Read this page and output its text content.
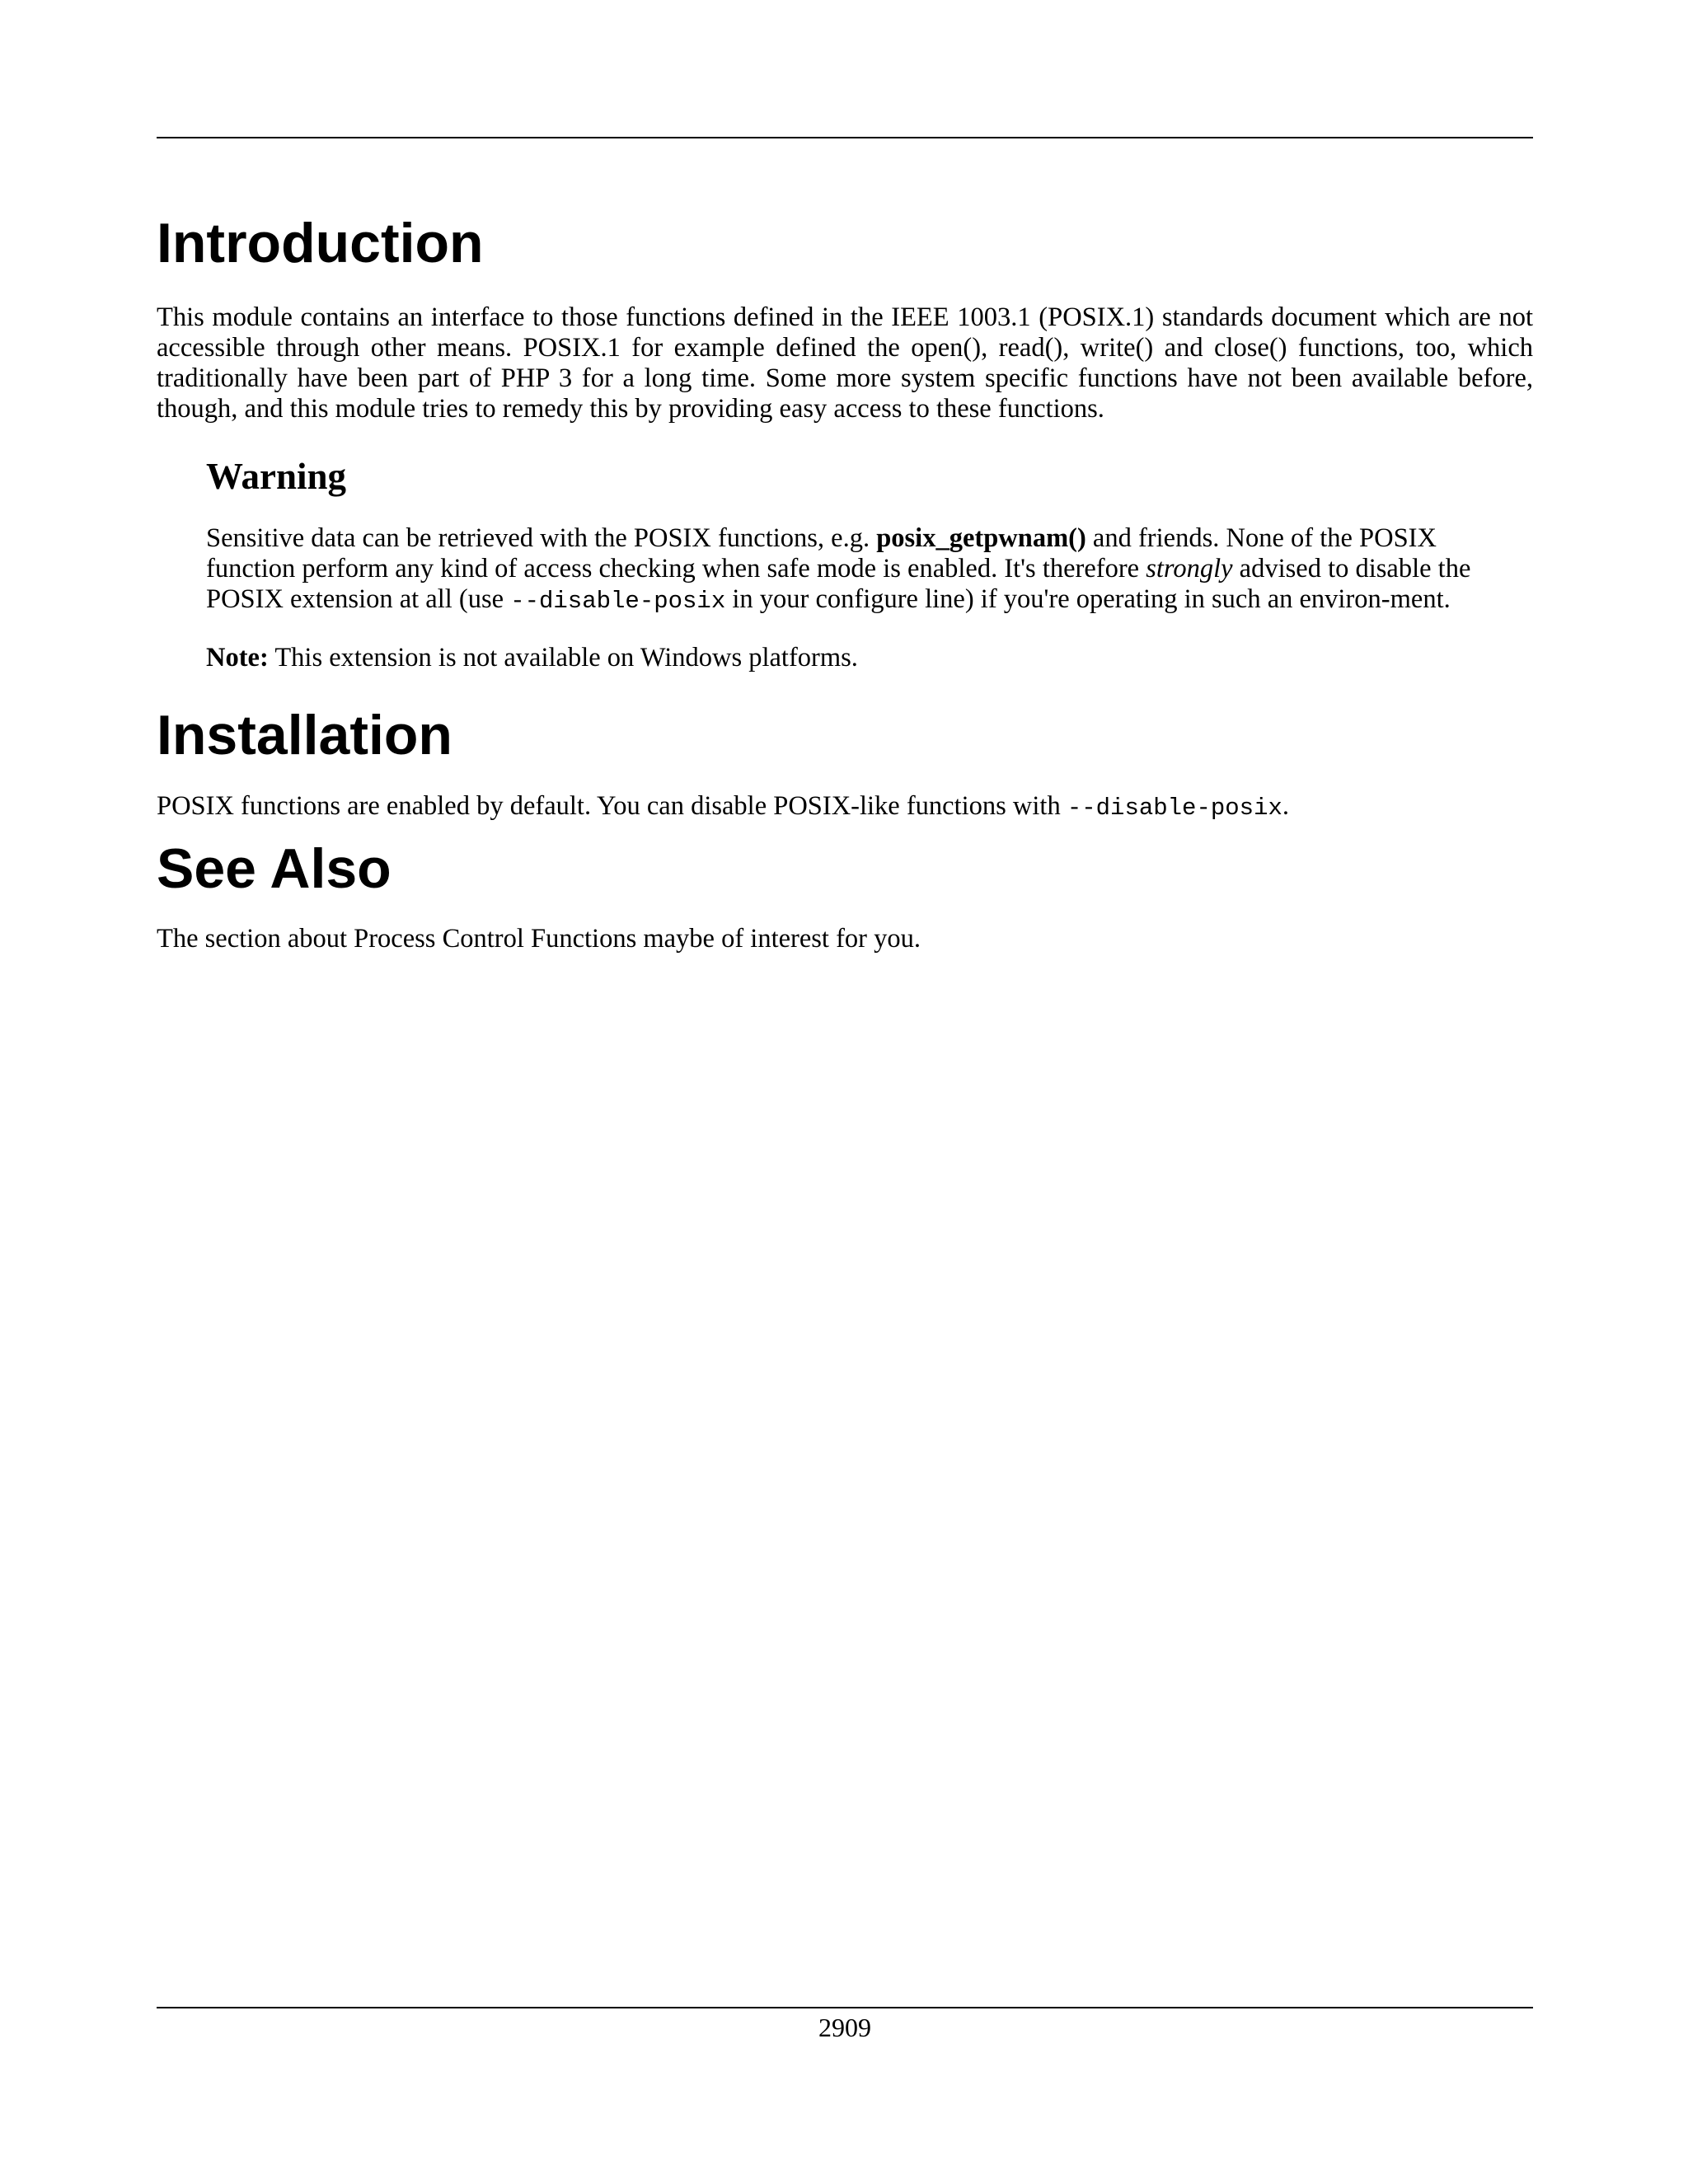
Introduction

This module contains an interface to those functions defined in the IEEE 1003.1 (POSIX.1) standards document which are not accessible through other means. POSIX.1 for example defined the open(), read(), write() and close() functions, too, which traditionally have been part of PHP 3 for a long time. Some more system specific functions have not been available before, though, and this module tries to remedy this by providing easy access to these functions.

Warning

Sensitive data can be retrieved with the POSIX functions, e.g. posix_getpwnam() and friends. None of the POSIX function perform any kind of access checking when safe mode is enabled. It's therefore strongly advised to disable the POSIX extension at all (use --disable-posix in your configure line) if you're operating in such an environ-ment.

Note: This extension is not available on Windows platforms.

Installation

POSIX functions are enabled by default. You can disable POSIX-like functions with --disable-posix.

See Also

The section about Process Control Functions maybe of interest for you.

2909
